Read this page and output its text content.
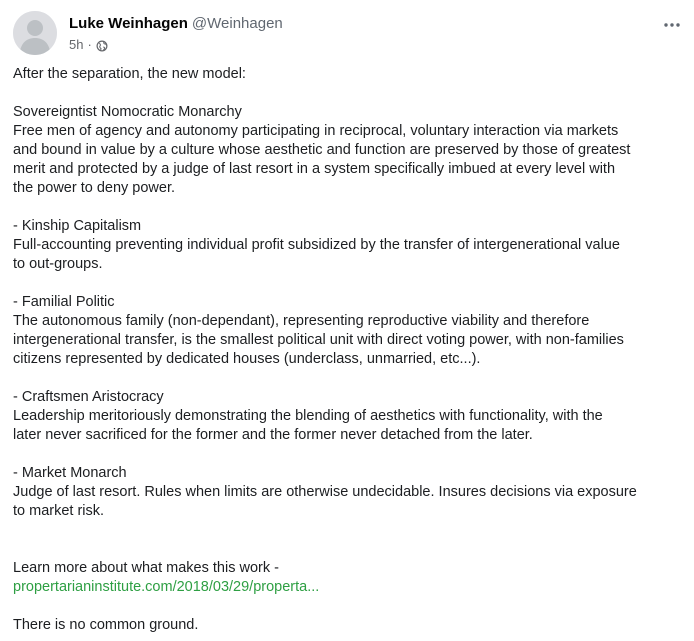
Luke Weinhagen @Weinhagen
5h ·

After the separation, the new model:

Sovereigntist Nomocratic Monarchy

Free men of agency and autonomy participating in reciprocal, voluntary interaction via markets
and bound in value by a culture whose aesthetic and function are preserved by those of greatest
merit and protected by a judge of last resort in a system specifically imbued at every level with
the power to deny power.

- Kinship Capitalism

Full-accounting preventing individual profit subsidized by the transfer of intergenerational value
to out-groups.

- Familial Politic

The autonomous family (non-dependant), representing reproductive viability and therefore
intergenerational transfer, is the smallest political unit with direct voting power, with non-families
citizens represented by dedicated houses (underclass, unmarried, etc...).

- Craftsmen Aristocracy

Leadership meritoriously demonstrating the blending of aesthetics with functionality, with the
later never sacrificed for the former and the former never detached from the later.

- Market Monarch

Judge of last resort. Rules when limits are otherwise undecidable. Insures decisions via exposure
to market risk.

Learn more about what makes this work -

propertarianinstitute.com/2018/03/29/properta...

There is no common ground.
